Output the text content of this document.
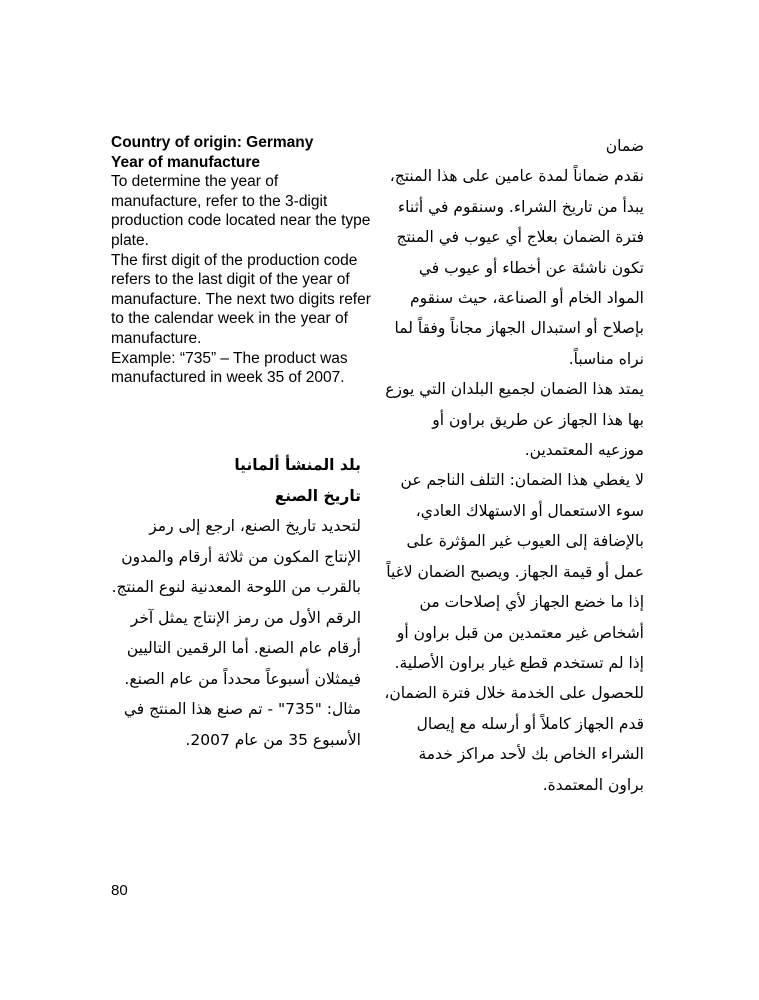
Country of origin: Germany

Year of manufacture

To determine the year of manufacture, refer to the 3-digit production code located near the type plate.

The first digit of the production code refers to the last digit of the year of manufacture. The next two digits refer to the calendar week in the year of manufacture.

Example: “735” – The product was manufactured in week 35 of 2007.

بلد المنشأ ألمانيا

تاريخ الصنع

لتحديد تاريخ الصنع، ارجع إلى رمز الإنتاج المكون من ثلاثة أرقام والمدون بالقرب من اللوحة المعدنية لنوع المنتج.

الرقم الأول من رمز الإنتاج يمثل آخر أرقام عام الصنع. أما الرقمين التاليين فيمثلان أسبوعاً محدداً من عام الصنع.

مثال: "735" - تم صنع هذا المنتج في الأسبوع 35 من عام 2007.

ضمان

نقدم ضماناً لمدة عامين على هذا المنتج، يبدأ من تاريخ الشراء. وسنقوم في أثناء فترة الضمان بعلاج أي عيوب في المنتج تكون ناشئة عن أخطاء أو عيوب في المواد الخام أو الصناعة، حيث سنقوم بإصلاح أو استبدال الجهاز مجاناً وفقاً لما نراه مناسباً.

يمتد هذا الضمان لجميع البلدان التي يوزع بها هذا الجهاز عن طريق براون أو موزعيه المعتمدين.

لا يغطي هذا الضمان: التلف الناجم عن سوء الاستعمال أو الاستهلاك العادي، بالإضافة إلى العيوب غير المؤثرة على عمل أو قيمة الجهاز. ويصبح الضمان لاغياً إذا ما خضع الجهاز لأي إصلاحات من أشخاص غير معتمدين من قبل براون أو إذا لم تستخدم قطع غيار براون الأصلية.

للحصول على الخدمة خلال فترة الضمان، قدم الجهاز كاملاً أو أرسله مع إيصال الشراء الخاص بك لأحد مراكز خدمة براون المعتمدة.

80
